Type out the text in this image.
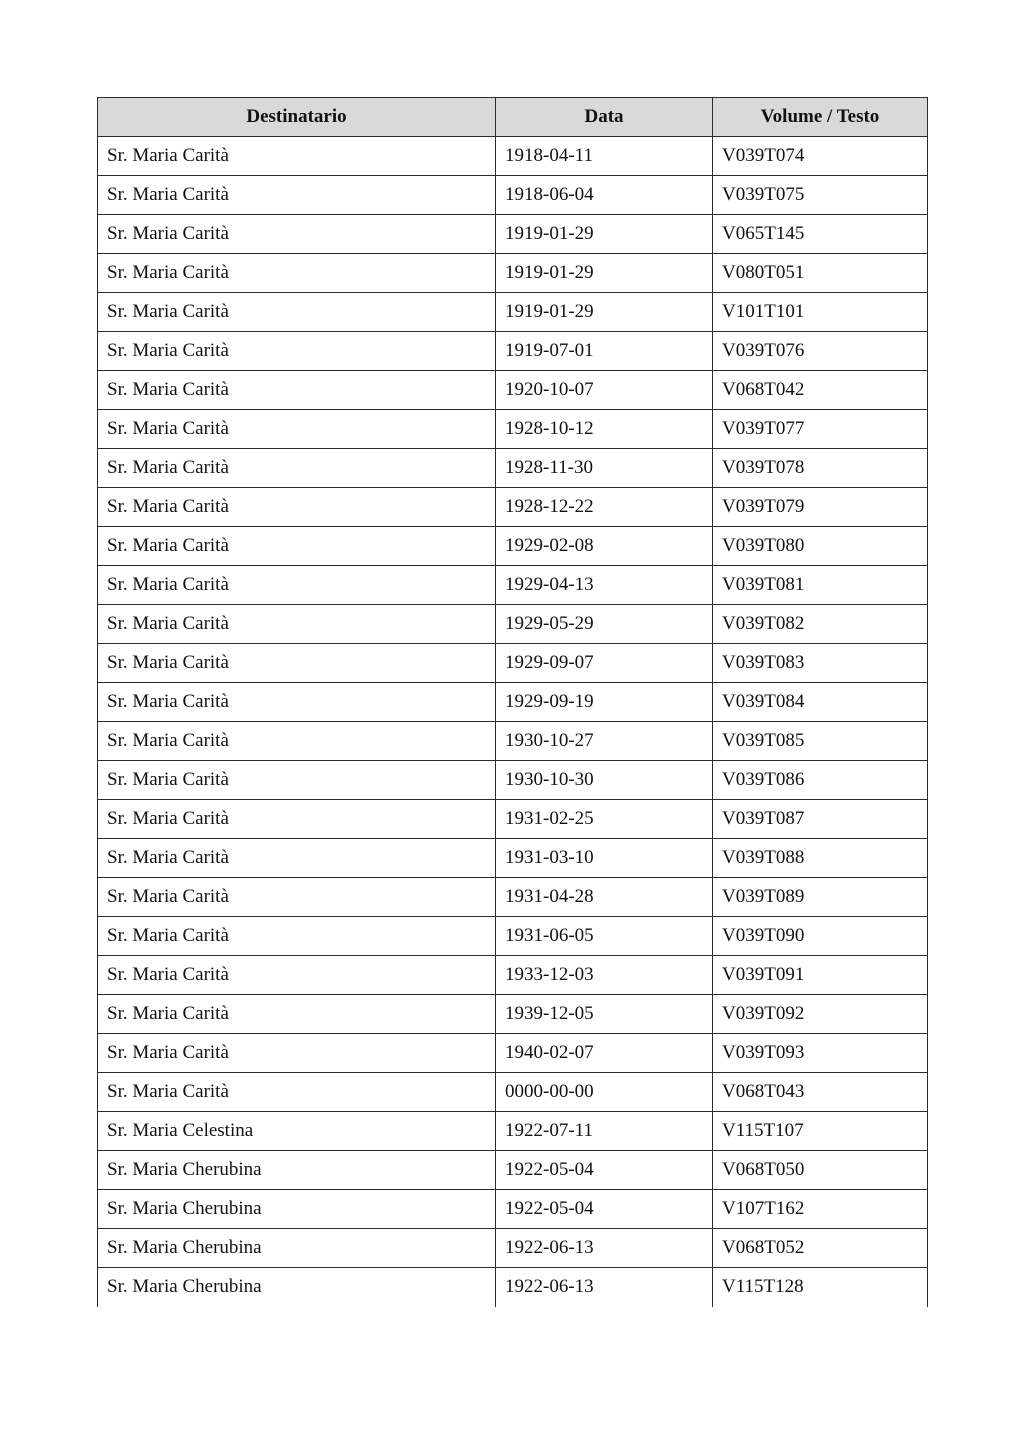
Destinatario	Data	Volume / Testo
Sr. Maria Carità	1918-04-11	V039T074
Sr. Maria Carità	1918-06-04	V039T075
Sr. Maria Carità	1919-01-29	V065T145
Sr. Maria Carità	1919-01-29	V080T051
Sr. Maria Carità	1919-01-29	V101T101
Sr. Maria Carità	1919-07-01	V039T076
Sr. Maria Carità	1920-10-07	V068T042
Sr. Maria Carità	1928-10-12	V039T077
Sr. Maria Carità	1928-11-30	V039T078
Sr. Maria Carità	1928-12-22	V039T079
Sr. Maria Carità	1929-02-08	V039T080
Sr. Maria Carità	1929-04-13	V039T081
Sr. Maria Carità	1929-05-29	V039T082
Sr. Maria Carità	1929-09-07	V039T083
Sr. Maria Carità	1929-09-19	V039T084
Sr. Maria Carità	1930-10-27	V039T085
Sr. Maria Carità	1930-10-30	V039T086
Sr. Maria Carità	1931-02-25	V039T087
Sr. Maria Carità	1931-03-10	V039T088
Sr. Maria Carità	1931-04-28	V039T089
Sr. Maria Carità	1931-06-05	V039T090
Sr. Maria Carità	1933-12-03	V039T091
Sr. Maria Carità	1939-12-05	V039T092
Sr. Maria Carità	1940-02-07	V039T093
Sr. Maria Carità	0000-00-00	V068T043
Sr. Maria Celestina	1922-07-11	V115T107
Sr. Maria Cherubina	1922-05-04	V068T050
Sr. Maria Cherubina	1922-05-04	V107T162
Sr. Maria Cherubina	1922-06-13	V068T052
Sr. Maria Cherubina	1922-06-13	V115T128
